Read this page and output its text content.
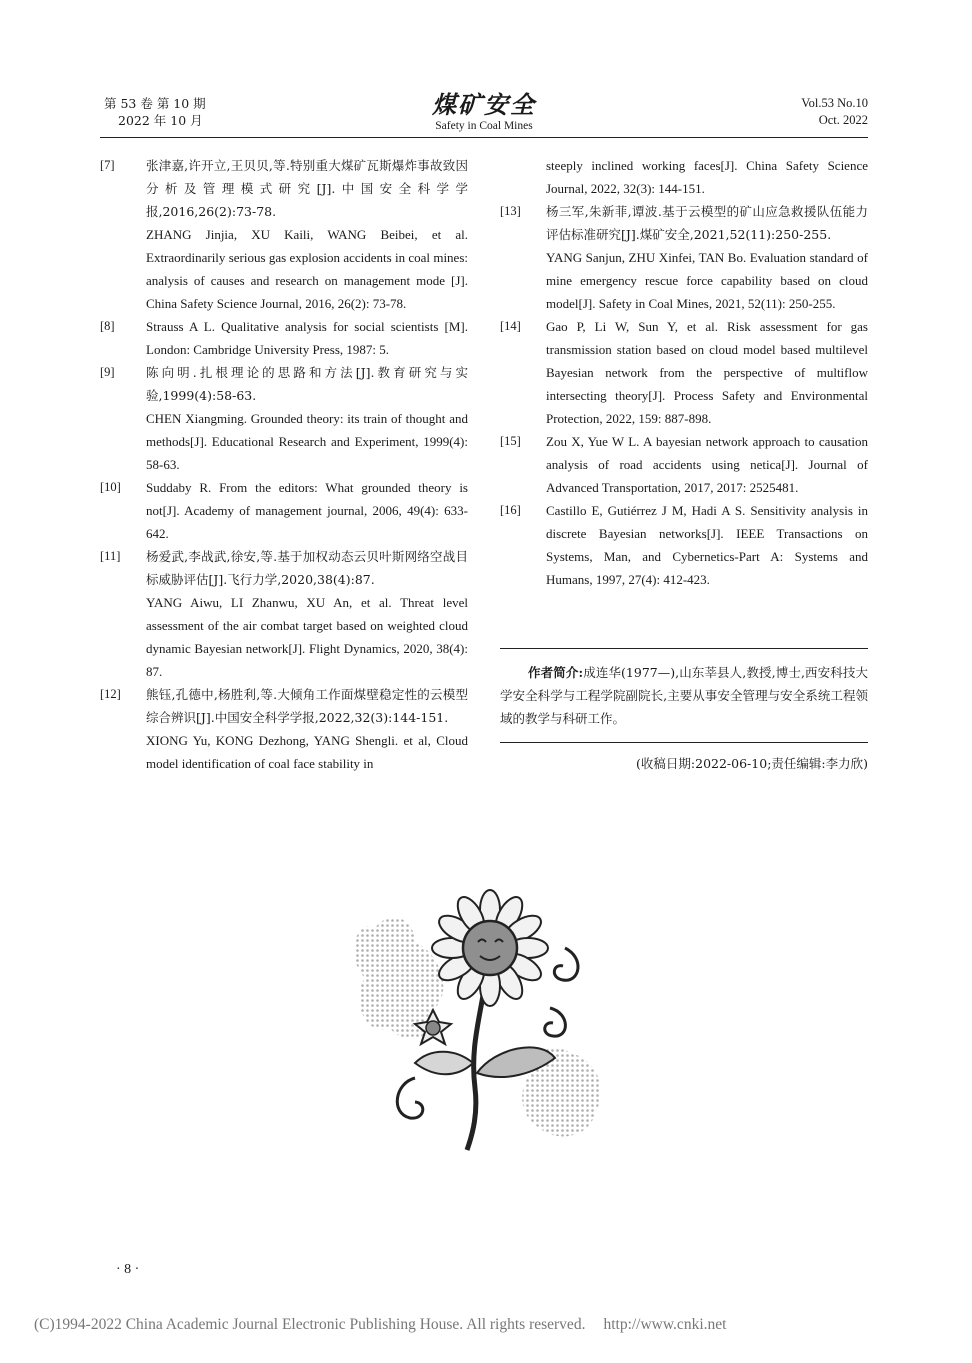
第 53 卷 第 10 期
2022 年 10 月
煤矿安全
Safety in Coal Mines
Vol.53 No.10
Oct. 2022
[7]	张津嘉,许开立,王贝贝,等.特别重大煤矿瓦斯爆炸事故致因分析及管理模式研究[J].中国安全科学学报,2016,26(2):73-78.

ZHANG Jinjia, XU Kaili, WANG Beibei, et al. Extraordinarily serious gas explosion accidents in coal mines: analysis of causes and research on management mode [J]. China Safety Science Journal, 2016, 26(2): 73-78.

[8]	Strauss A L. Qualitative analysis for social scientists [M]. London: Cambridge University Press, 1987: 5.

[9]	陈向明.扎根理论的思路和方法[J].教育研究与实验,1999(4):58-63.

CHEN Xiangming. Grounded theory: its train of thought and methods[J]. Educational Research and Experiment, 1999(4): 58-63.

[10]	Suddaby R. From the editors: What grounded theory is not[J]. Academy of management journal, 2006, 49(4): 633-642.

[11]	杨爱武,李战武,徐安,等.基于加权动态云贝叶斯网络空战目标威胁评估[J].飞行力学,2020,38(4):87.

YANG Aiwu, LI Zhanwu, XU An, et al. Threat level assessment of the air combat target based on weighted cloud dynamic Bayesian network[J]. Flight Dynamics, 2020, 38(4): 87.

[12]	熊钰,孔德中,杨胜利,等.大倾角工作面煤壁稳定性的云模型综合辨识[J].中国安全科学学报,2022,32(3):144-151.

XIONG Yu, KONG Dezhong, YANG Shengli. et al, Cloud model identification of coal face stability in

steeply inclined working faces[J]. China Safety Science Journal, 2022, 32(3): 144-151.

[13]	杨三军,朱新菲,谭波.基于云模型的矿山应急救援队伍能力评估标准研究[J].煤矿安全,2021,52(11):250-255.

YANG Sanjun, ZHU Xinfei, TAN Bo. Evaluation standard of mine emergency rescue force capability based on cloud model[J]. Safety in Coal Mines, 2021, 52(11): 250-255.

[14]	Gao P, Li W, Sun Y, et al. Risk assessment for gas transmission station based on cloud model based multilevel Bayesian network from the perspective of multiflow intersecting theory[J]. Process Safety and Environmental Protection, 2022, 159: 887-898.

[15]	Zou X, Yue W L. A bayesian network approach to causation analysis of road accidents using netica[J]. Journal of Advanced Transportation, 2017, 2017: 2525481.

[16]	Castillo E, Gutiérrez J M, Hadi A S. Sensitivity analysis in discrete Bayesian networks[J]. IEEE Transactions on Systems, Man, and Cybernetics-Part A: Systems and Humans, 1997, 27(4): 412-423.

作者简介:成连华(1977—),山东莘县人,教授,博士,西安科技大学安全科学与工程学院副院长,主要从事安全管理与安全系统工程领域的教学与科研工作。

(收稿日期:2022-06-10;责任编辑:李力欣)
· 8 ·
(C)1994-2022 China Academic Journal Electronic Publishing House. All rights reserved. http://www.cnki.net
